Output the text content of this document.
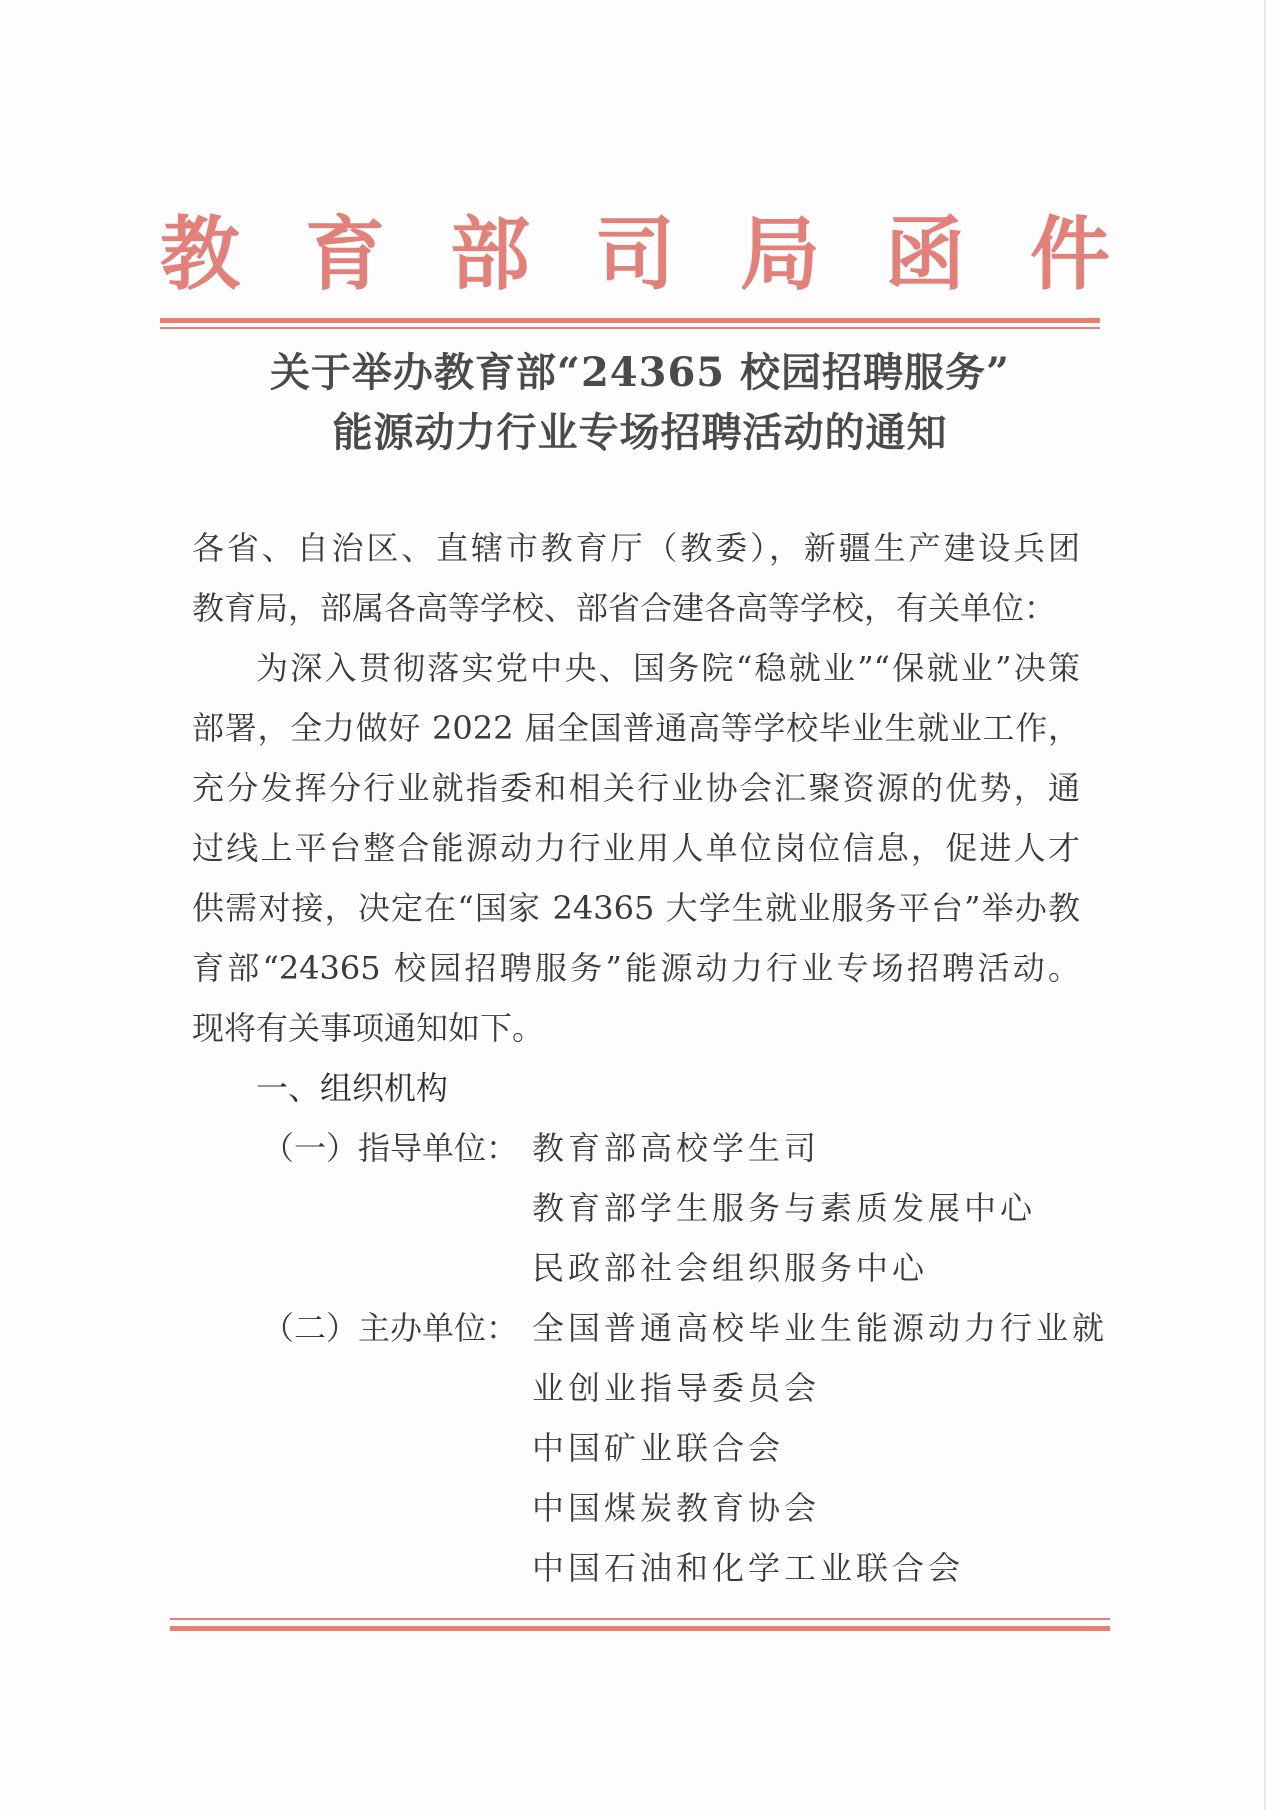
教 育 部 司 局 函 件
关于举办教育部“24365 校园招聘服务”
能源动力行业专场招聘活动的通知
各省、自治区、直辖市教育厅（教委），新疆生产建设兵团
教育局，部属各高等学校、部省合建各高等学校，有关单位：
为深入贯彻落实党中央、国务院“稳就业”“保就业”决策
部署，全力做好 2022 届全国普通高等学校毕业生就业工作，
充分发挥分行业就指委和相关行业协会汇聚资源的优势，通
过线上平台整合能源动力行业用人单位岗位信息，促进人才
供需对接，决定在“国家 24365 大学生就业服务平台”举办教
育部“24365 校园招聘服务”能源动力行业专场招聘活动。
现将有关事项通知如下。
一、组织机构
（一）指导单位： 教育部高校学生司
教育部学生服务与素质发展中心
民政部社会组织服务中心
（二）主办单位： 全国普通高校毕业生能源动力行业就
业创业指导委员会
中国矿业联合会
中国煤炭教育协会
中国石油和化学工业联合会
